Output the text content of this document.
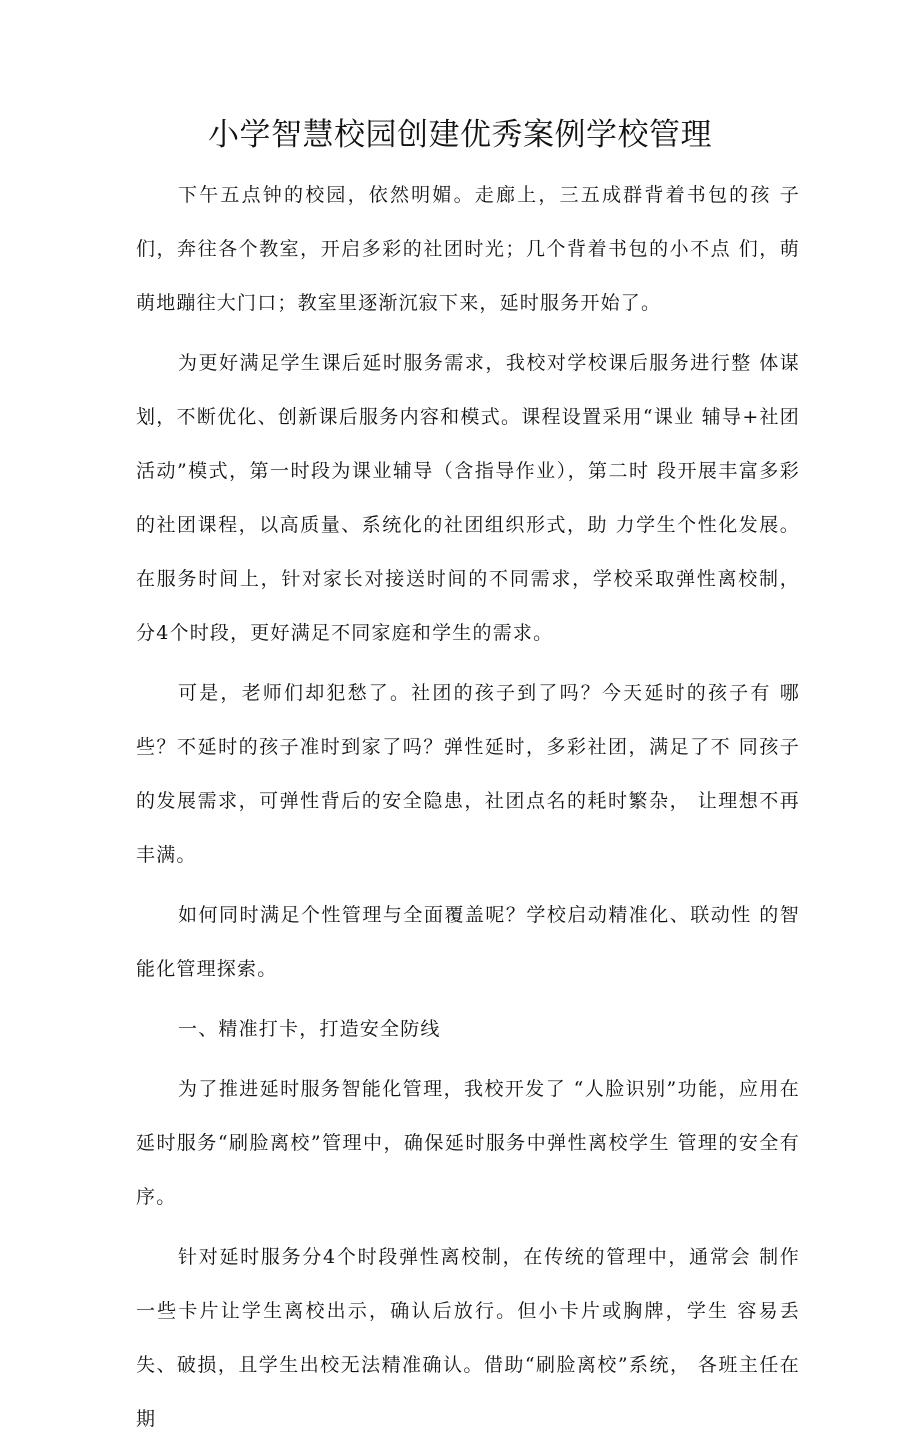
小学智慧校园创建优秀案例学校管理

下午五点钟的校园，依然明媚。走廊上，三五成群背着书包的孩 子们，奔往各个教室，开启多彩的社团时光；几个背着书包的小不点 们，萌萌地蹦往大门口；教室里逐渐沉寂下来，延时服务开始了。

为更好满足学生课后延时服务需求，我校对学校课后服务进行整 体谋划，不断优化、创新课后服务内容和模式。课程设置采用“课业 辅导+社团活动”模式，第一时段为课业辅导（含指导作业），第二时 段开展丰富多彩的社团课程，以高质量、系统化的社团组织形式，助 力学生个性化发展。在服务时间上，针对家长对接送时间的不同需求，学校采取弹性离校制，分4个时段，更好满足不同家庭和学生的需求。

可是，老师们却犯愁了。社团的孩子到了吗？今天延时的孩子有 哪些？不延时的孩子准时到家了吗？弹性延时，多彩社团，满足了不 同孩子的发展需求，可弹性背后的安全隐患，社团点名的耗时繁杂， 让理想不再丰满。

如何同时满足个性管理与全面覆盖呢？学校启动精准化、联动性 的智能化管理探索。

一、精准打卡，打造安全防线

为了推进延时服务智能化管理，我校开发了 “人脸识别”功能，应用在延时服务“刷脸离校”管理中，确保延时服务中弹性离校学生 管理的安全有序。

针对延时服务分4个时段弹性离校制，在传统的管理中，通常会 制作一些卡片让学生离校出示，确认后放行。但小卡片或胸牌，学生 容易丢失、破损，且学生出校无法精准确认。借助“刷脸离校”系统， 各班主任在期
